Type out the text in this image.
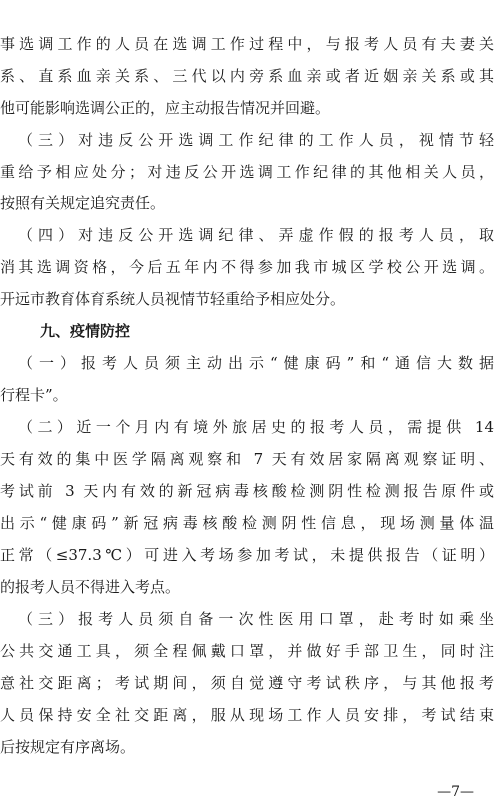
事选调工作的人员在选调工作过程中，与报考人员有夫妻关
系、直系血亲关系、三代以内旁系血亲或者近姻亲关系或其
他可能影响选调公正的，应主动报告情况并回避。
（三）对违反公开选调工作纪律的工作人员，视情节轻
重给予相应处分；对违反公开选调工作纪律的其他相关人员，
按照有关规定追究责任。
（四）对违反公开选调纪律、弄虚作假的报考人员，取
消其选调资格，今后五年内不得参加我市城区学校公开选调。
开远市教育体育系统人员视情节轻重给予相应处分。
九、疫情防控
（一）报考人员须主动出示“健康码”和“通信大数据
行程卡”。
（二）近一个月内有境外旅居史的报考人员，需提供 14
天有效的集中医学隔离观察和 7 天有效居家隔离观察证明、
考试前 3 天内有效的新冠病毒核酸检测阴性检测报告原件或
出示“健康码”新冠病毒核酸检测阴性信息，现场测量体温
正常（≤37.3℃）可进入考场参加考试，未提供报告（证明）
的报考人员不得进入考点。
（三）报考人员须自备一次性医用口罩，赴考时如乘坐
公共交通工具，须全程佩戴口罩，并做好手部卫生，同时注
意社交距离；考试期间，须自觉遵守考试秩序，与其他报考
人员保持安全社交距离，服从现场工作人员安排，考试结束
后按规定有序离场。
—7—
